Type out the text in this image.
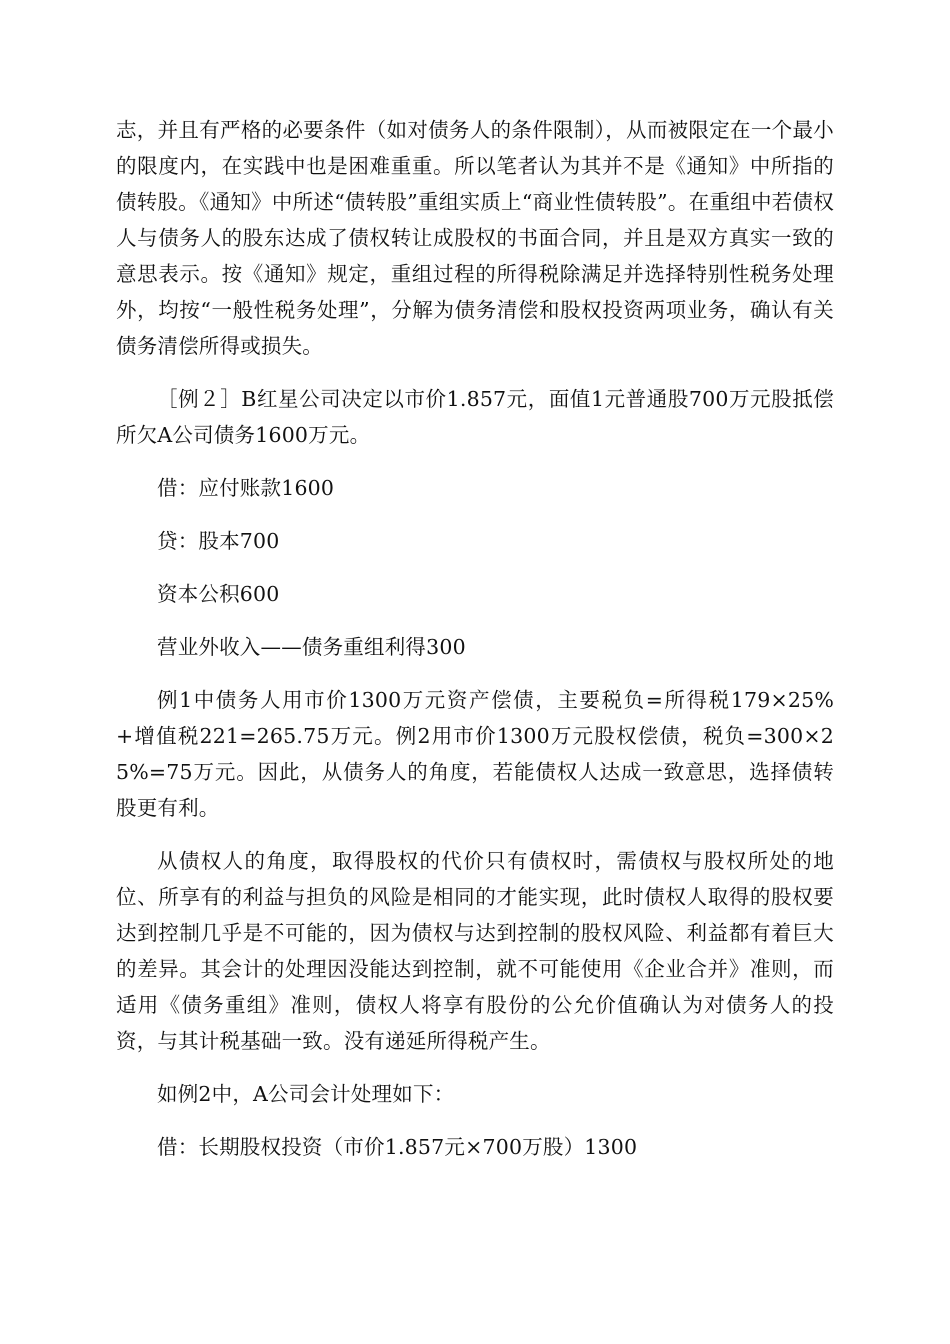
志，并且有严格的必要条件（如对债务人的条件限制），从而被限定在一个最小的限度内，在实践中也是困难重重。所以笔者认为其并不是《通知》中所指的债转股。《通知》中所述“债转股”重组实质上“商业性债转股”。在重组中若债权人与债务人的股东达成了债权转让成股权的书面合同，并且是双方真实一致的意思表示。按《通知》规定，重组过程的所得税除满足并选择特别性税务处理外，均按“一般性税务处理”，分解为债务清偿和股权投资两项业务，确认有关债务清偿所得或损失。

［例２］B红星公司决定以市价1.857元，面值1元普通股700万元股抵偿所欠A公司债务1600万元。

借：应付账款1600

贷：股本700

资本公积600

营业外收入——债务重组利得300

例1中债务人用市价1300万元资产偿债，主要税负=所得税179×25%+增值税221=265.75万元。例2用市价1300万元股权偿债，税负=300×25%=75万元。因此，从债务人的角度，若能债权人达成一致意思，选择债转股更有利。

从债权人的角度，取得股权的代价只有债权时，需债权与股权所处的地位、所享有的利益与担负的风险是相同的才能实现，此时债权人取得的股权要达到控制几乎是不可能的，因为债权与达到控制的股权风险、利益都有着巨大的差异。其会计的处理因没能达到控制，就不可能使用《企业合并》准则，而适用《债务重组》准则，债权人将享有股份的公允价值确认为对债务人的投资，与其计税基础一致。没有递延所得税产生。

如例2中，A公司会计处理如下：

借：长期股权投资（市价1.857元×700万股）1300
